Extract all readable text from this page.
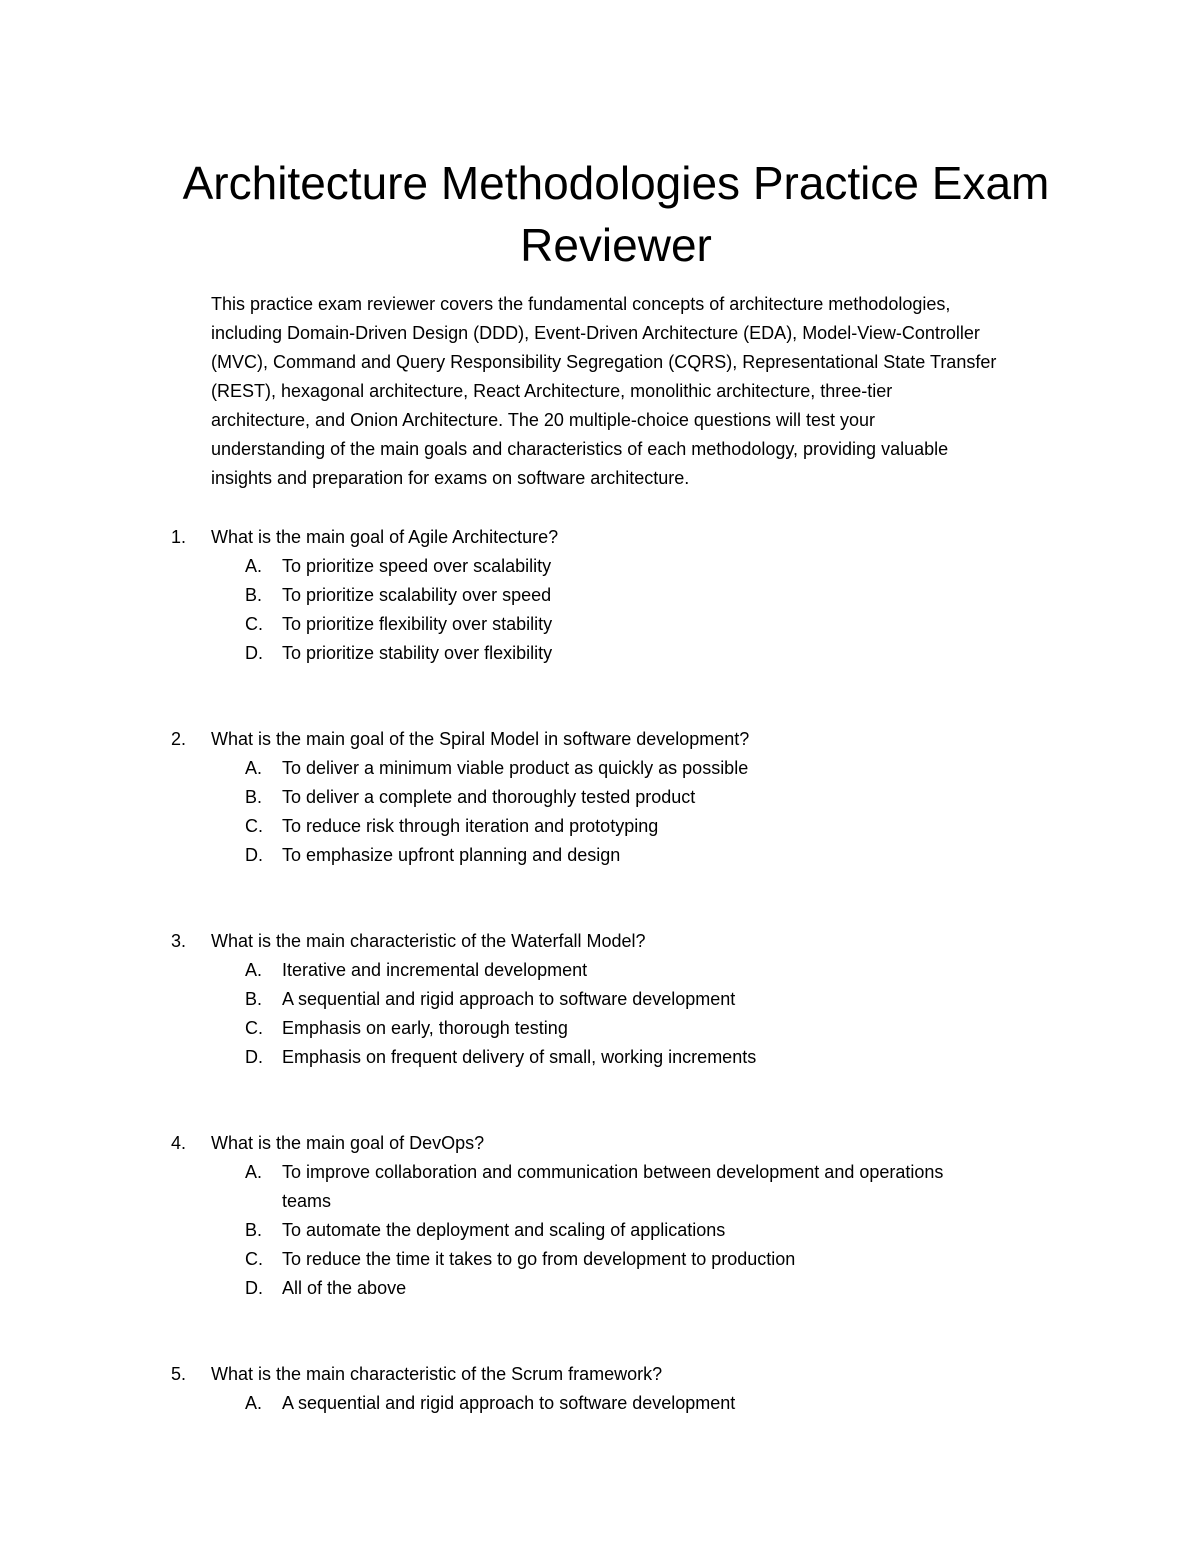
Architecture Methodologies Practice Exam
Reviewer
This practice exam reviewer covers the fundamental concepts of architecture methodologies,
including Domain-Driven Design (DDD), Event-Driven Architecture (EDA), Model-View-Controller
(MVC), Command and Query Responsibility Segregation (CQRS), Representational State Transfer
(REST), hexagonal architecture, React Architecture, monolithic architecture, three-tier
architecture, and Onion Architecture. The 20 multiple-choice questions will test your
understanding of the main goals and characteristics of each methodology, providing valuable
insights and preparation for exams on software architecture.
1. What is the main goal of Agile Architecture?
A. To prioritize speed over scalability
B. To prioritize scalability over speed
C. To prioritize flexibility over stability
D. To prioritize stability over flexibility
2. What is the main goal of the Spiral Model in software development?
A. To deliver a minimum viable product as quickly as possible
B. To deliver a complete and thoroughly tested product
C. To reduce risk through iteration and prototyping
D. To emphasize upfront planning and design
3. What is the main characteristic of the Waterfall Model?
A. Iterative and incremental development
B. A sequential and rigid approach to software development
C. Emphasis on early, thorough testing
D. Emphasis on frequent delivery of small, working increments
4. What is the main goal of DevOps?
A. To improve collaboration and communication between development and operations
teams
B. To automate the deployment and scaling of applications
C. To reduce the time it takes to go from development to production
D. All of the above
5. What is the main characteristic of the Scrum framework?
A. A sequential and rigid approach to software development
